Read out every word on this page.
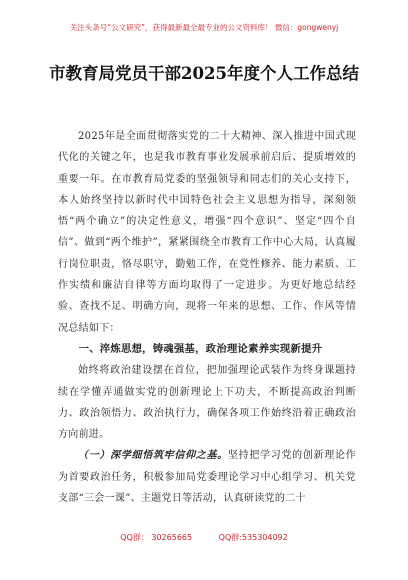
关注头条号“公文研究”，获得最新最全最专业的公文资料库！ 微信：gongwenyj
市教育局党员干部2025年度个人工作总结

2025年是全面贯彻落实党的二十大精神、深入推进中国式现代化的关键之年，也是我市教育事业发展承前启后、提质增效的重要一年。在市教育局党委的坚强领导和同志们的关心支持下，本人始终坚持以新时代中国特色社会主义思想为指导，深刻领悟“两个确立”的决定性意义，增强“四个意识”、坚定“四个自信”、做到“两个维护”，紧紧围绕全市教育工作中心大局，认真履行岗位职责，恪尽职守，勤勉工作，在党性修养、能力素质、工作实绩和廉洁自律等方面均取得了一定进步。为更好地总结经验、查找不足、明确方向，现将一年来的思想、工作、作风等情况总结如下：

一、淬炼思想，铸魂强基，政治理论素养实现新提升

始终将政治建设摆在首位，把加强理论武装作为终身课题持续在学懂弄通做实党的创新理论上下功夫，不断提高政治判断力、政治领悟力、政治执行力，确保各项工作始终沿着正确政治方向前进。

（一）深学细悟筑牢信仰之基。坚持把学习党的创新理论作为首要政治任务，积极参加局党委理论学习中心组学习、机关党支部“三会一课”、主题党日等活动，认真研读党的二十

QQ群： 30265665	QQ群:535304092
